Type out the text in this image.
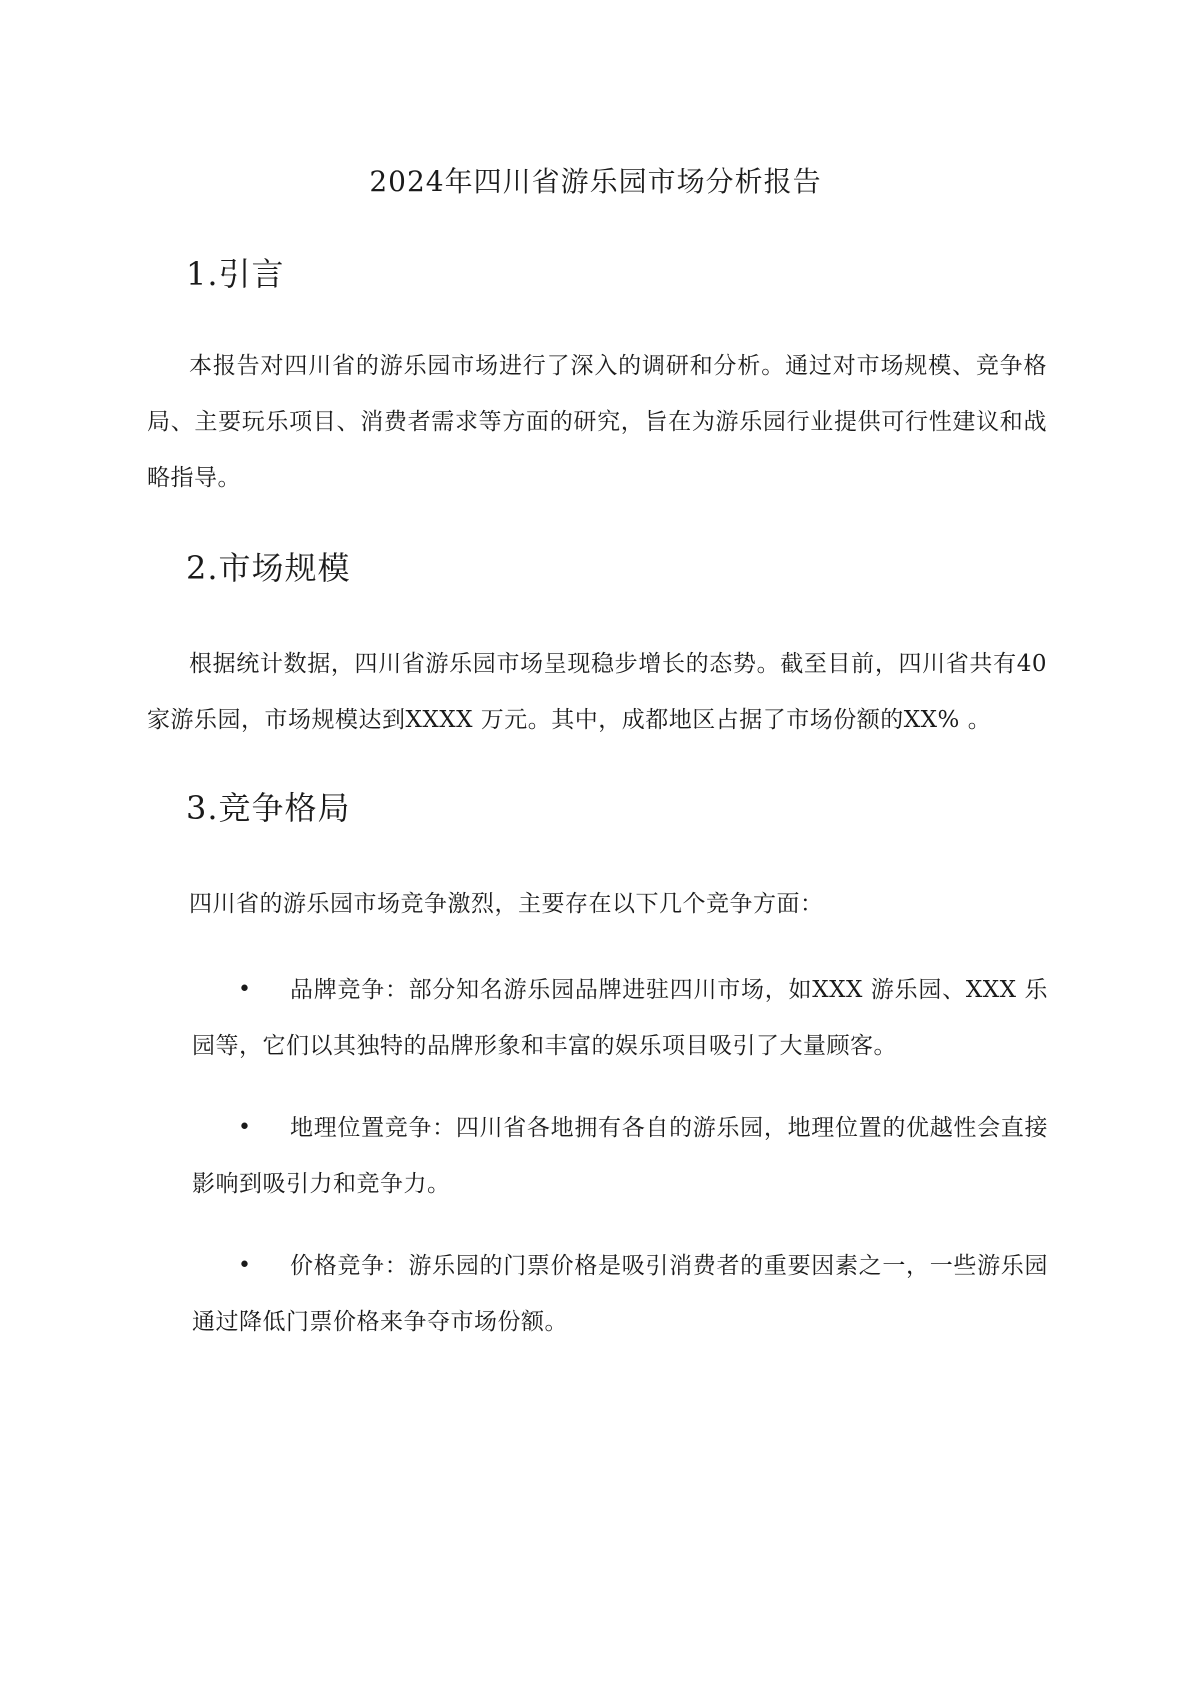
2024年四川省游乐园市场分析报告
1.引言

本报告对四川省的游乐园市场进行了深入的调研和分析。通过对市场规模、竞争格局、主要玩乐项目、消费者需求等方面的研究，旨在为游乐园行业提供可行性建议和战略指导。

2.市场规模

根据统计数据，四川省游乐园市场呈现稳步增长的态势。截至目前，四川省共有40 家游乐园，市场规模达到XXXX 万元。其中，成都地区占据了市场份额的XX% 。

3.竞争格局

四川省的游乐园市场竞争激烈，主要存在以下几个竞争方面：

•	品牌竞争：部分知名游乐园品牌进驻四川市场，如XXX 游乐园、XXX 乐园等，它们以其独特的品牌形象和丰富的娱乐项目吸引了大量顾客。
•	地理位置竞争：四川省各地拥有各自的游乐园，地理位置的优越性会直接影响到吸引力和竞争力。
•	价格竞争：游乐园的门票价格是吸引消费者的重要因素之一，一些游乐园通过降低门票价格来争夺市场份额。
